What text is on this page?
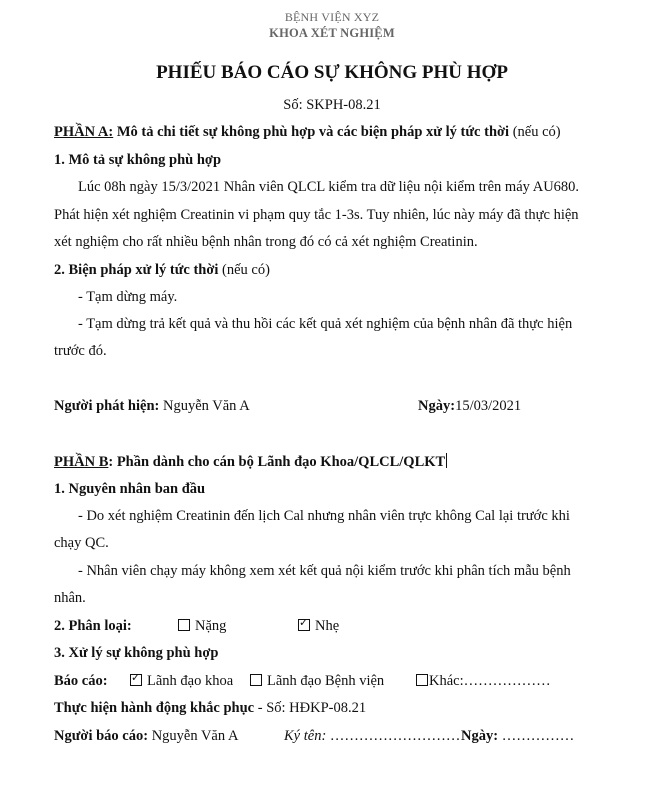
BỆNH VIỆN XYZ
KHOA XÉT NGHIỆM
PHIẾU BÁO CÁO SỰ KHÔNG PHÙ HỢP
Số: SKPH-08.21
PHẦN A: Mô tả chi tiết sự không phù hợp và các biện pháp xử lý tức thời (nếu có)
1. Mô tả sự không phù hợp
Lúc 08h ngày 15/3/2021 Nhân viên QLCL kiểm tra dữ liệu nội kiểm trên máy AU680.
Phát hiện xét nghiệm Creatinin vi phạm quy tắc 1-3s. Tuy nhiên, lúc này máy đã thực hiện
xét nghiệm cho rất nhiều bệnh nhân trong đó có cả xét nghiệm Creatinin.
2. Biện pháp xử lý tức thời (nếu có)
- Tạm dừng máy.
- Tạm dừng trả kết quả và thu hồi các kết quả xét nghiệm của bệnh nhân đã thực hiện
trước đó.
Người phát hiện: Nguyễn Văn A	Ngày:15/03/2021
PHẦN B: Phần dành cho cán bộ Lãnh đạo Khoa/QLCL/QLKT
1. Nguyên nhân ban đầu
- Do xét nghiệm Creatinin đến lịch Cal nhưng nhân viên trực không Cal lại trước khi
chạy QC.
- Nhân viên chạy máy không xem xét kết quả nội kiểm trước khi phân tích mẫu bệnh
nhân.
2. Phân loại:	Nặng ✓	Nhẹ
3. Xử lý sự không phù hợp
Báo cáo: ✓	Lãnh đạo khoa	Lãnh đạo Bệnh viện	Khác:………………
Thực hiện hành động khắc phục - Số: HĐKP-08.21
Người báo cáo: Nguyễn Văn A	Ký tên: ……………………… Ngày: ……………
